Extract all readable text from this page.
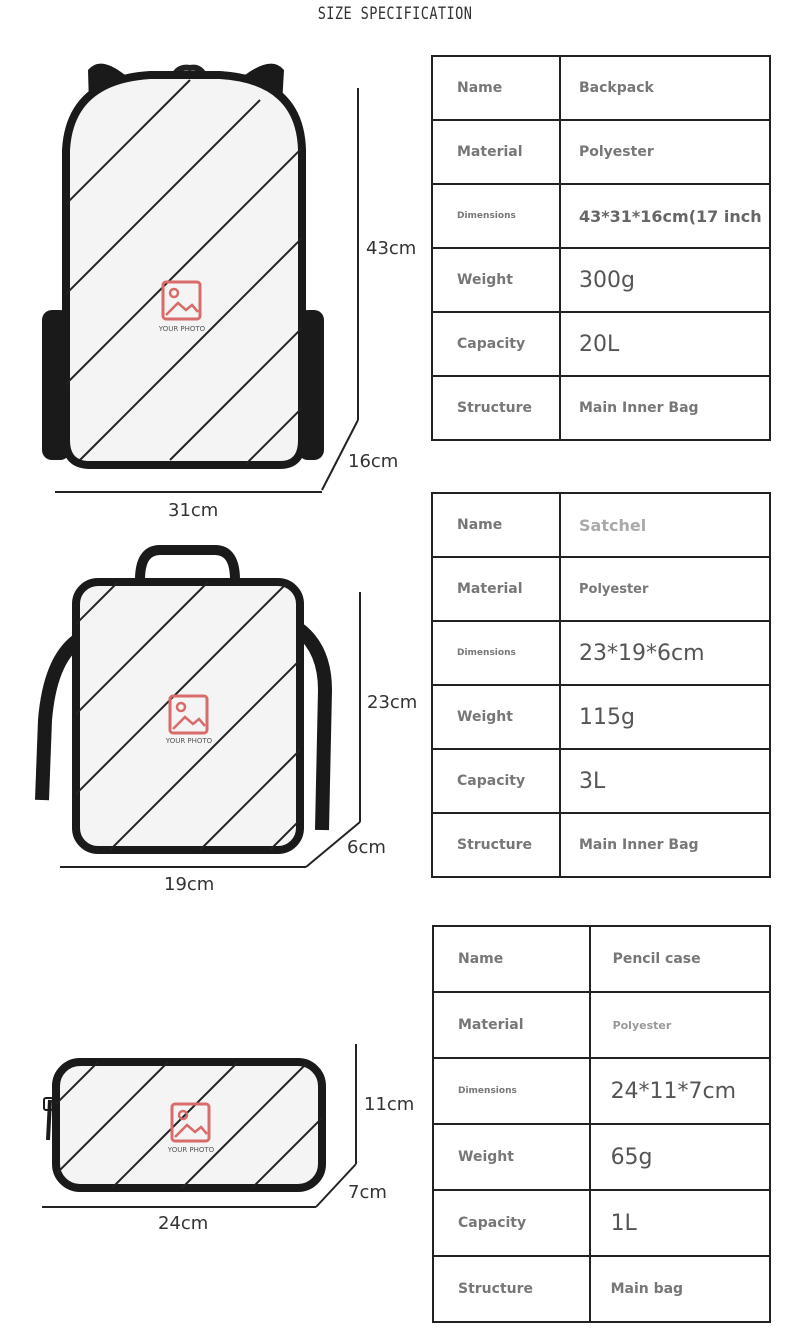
SIZE SPECIFICATION
YOUR PHOTO
43cm
16cm
31cm
Name	Backpack
Material	Polyester
Dimensions	43*31*16cm(17 inch
Weight	300g
Capacity	20L
Structure	Main Inner Bag
YOUR PHOTO
23cm
6cm
19cm
Name	Satchel
Material	Polyester
Dimensions	23*19*6cm
Weight	115g
Capacity	3L
Structure	Main Inner Bag
YOUR PHOTO
11cm
7cm
24cm
Name	Pencil case
Material	Polyester
Dimensions	24*11*7cm
Weight	65g
Capacity	1L
Structure	Main bag
